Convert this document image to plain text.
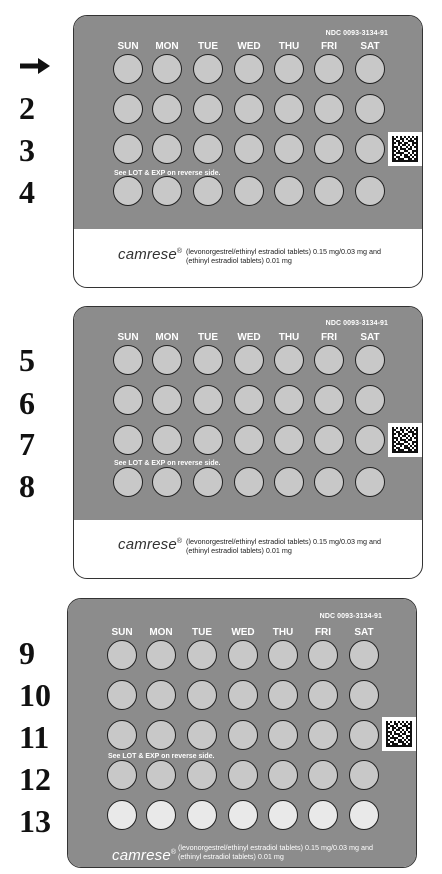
2
3
4
5
6
7
8
9
10
11
12
13
NDC 0093-3134-91
SUN	MON	TUE	WED	THU	FRI	SAT
See LOT & EXP on reverse side.
camrese® (levonorgestrel/ethinyl estradiol tablets) 0.15 mg/0.03 mg and
(ethinyl estradiol tablets) 0.01 mg
NDC 0093-3134-91
SUN	MON	TUE	WED	THU	FRI	SAT
See LOT & EXP on reverse side.
camrese® (levonorgestrel/ethinyl estradiol tablets) 0.15 mg/0.03 mg and
(ethinyl estradiol tablets) 0.01 mg
NDC 0093-3134-91
SUN	MON	TUE	WED	THU	FRI	SAT
See LOT & EXP on reverse side.
camrese®
(levonorgestrel/ethinyl estradiol tablets) 0.15 mg/0.03 mg and
(ethinyl estradiol tablets) 0.01 mg
